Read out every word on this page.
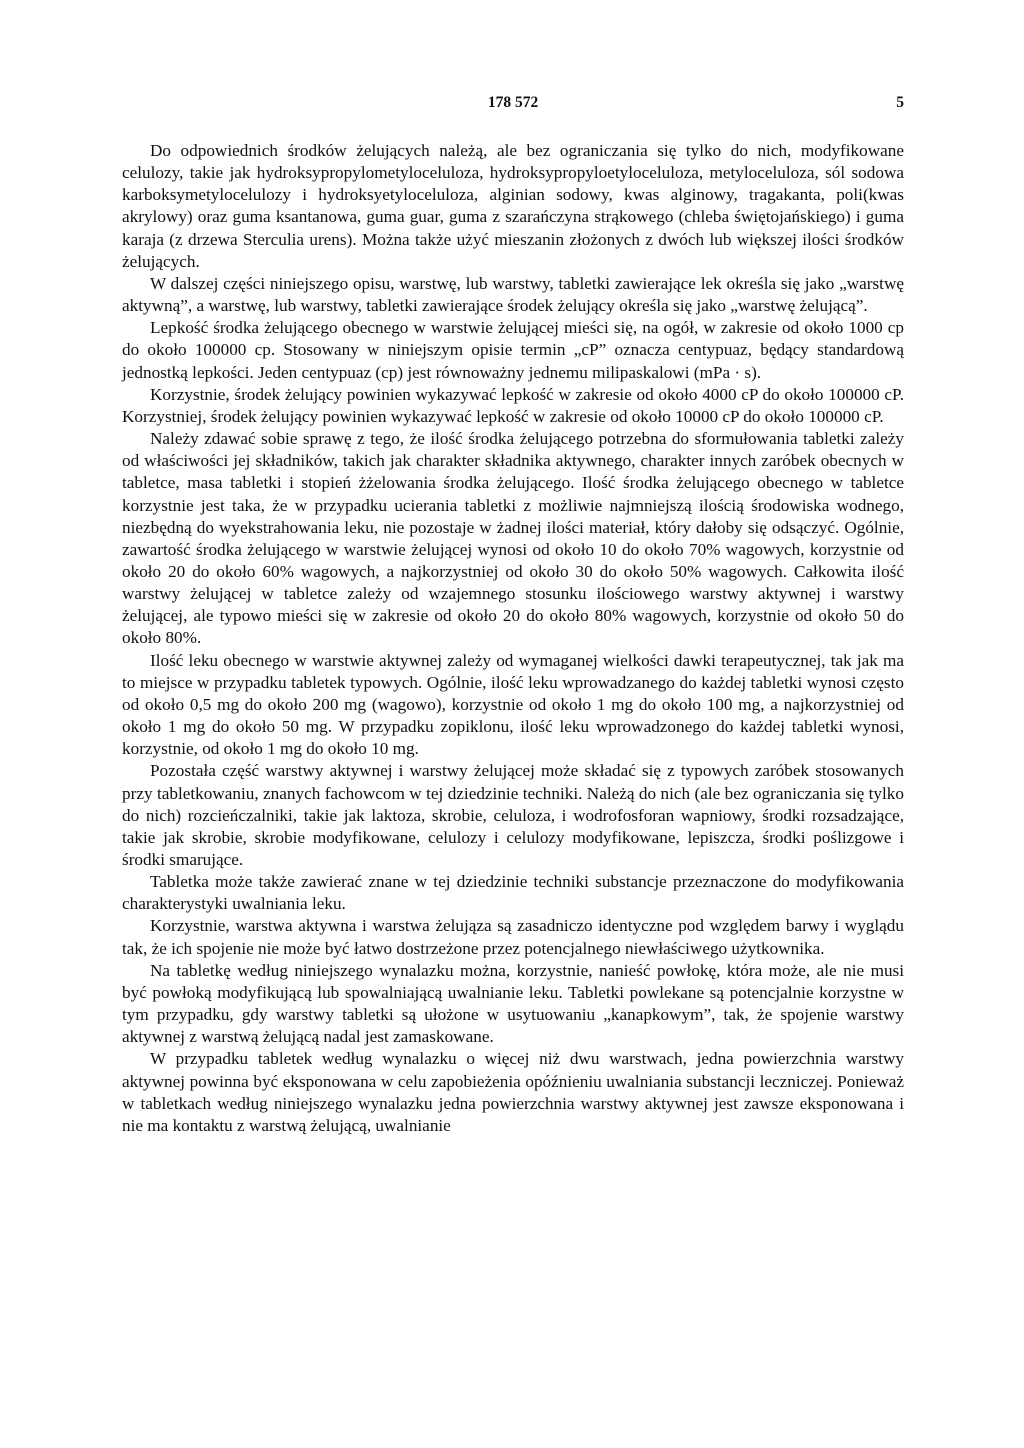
178 572	5

Do odpowiednich środków żelujących należą, ale bez ograniczania się tylko do nich, modyfikowane celulozy, takie jak hydroksypropylometyloceluloza, hydroksypropyloetyloceluloza, metyloceluloza, sól sodowa karboksymetylocelulozy i hydroksyetyloceluloza, alginian sodowy, kwas alginowy, tragakanta, poli(kwas akrylowy) oraz guma ksantanowa, guma guar, guma z szarańczyna strąkowego (chleba świętojańskiego) i guma karaja (z drzewa Sterculia urens). Można także użyć mieszanin złożonych z dwóch lub większej ilości środków żelujących.

W dalszej części niniejszego opisu, warstwę, lub warstwy, tabletki zawierające lek określa się jako „warstwę aktywną”, a warstwę, lub warstwy, tabletki zawierające środek żelujący określa się jako „warstwę żelującą”.

Lepkość środka żelującego obecnego w warstwie żelującej mieści się, na ogół, w zakresie od około 1000 cp do około 100000 cp. Stosowany w niniejszym opisie termin „cP” oznacza centypuaz, będący standardową jednostką lepkości. Jeden centypuaz (cp) jest równoważny jednemu milipaskalowi (mPa · s).

Korzystnie, środek żelujący powinien wykazywać lepkość w zakresie od około 4000 cP do około 100000 cP. Korzystniej, środek żelujący powinien wykazywać lepkość w zakresie od około 10000 cP do około 100000 cP.

Należy zdawać sobie sprawę z tego, że ilość środka żelującego potrzebna do sformułowania tabletki zależy od właściwości jej składników, takich jak charakter składnika aktywnego, charakter innych zaróbek obecnych w tabletce, masa tabletki i stopień żżelowania środka żelującego. Ilość środka żelującego obecnego w tabletce korzystnie jest taka, że w przypadku ucierania tabletki z możliwie najmniejszą ilością środowiska wodnego, niezbędną do wyekstrahowania leku, nie pozostaje w żadnej ilości materiał, który dałoby się odsączyć. Ogólnie, zawartość środka żelującego w warstwie żelującej wynosi od około 10 do około 70% wagowych, korzystnie od około 20 do około 60% wagowych, a najkorzystniej od około 30 do około 50% wagowych. Całkowita ilość warstwy żelującej w tabletce zależy od wzajemnego stosunku ilościowego warstwy aktywnej i warstwy żelującej, ale typowo mieści się w zakresie od około 20 do około 80% wagowych, korzystnie od około 50 do około 80%.

Ilość leku obecnego w warstwie aktywnej zależy od wymaganej wielkości dawki terapeutycznej, tak jak ma to miejsce w przypadku tabletek typowych. Ogólnie, ilość leku wprowadzanego do każdej tabletki wynosi często od około 0,5 mg do około 200 mg (wagowo), korzystnie od około 1 mg do około 100 mg, a najkorzystniej od około 1 mg do około 50 mg. W przypadku zopiklonu, ilość leku wprowadzonego do każdej tabletki wynosi, korzystnie, od około 1 mg do około 10 mg.

Pozostała część warstwy aktywnej i warstwy żelującej może składać się z typowych zaróbek stosowanych przy tabletkowaniu, znanych fachowcom w tej dziedzinie techniki. Należą do nich (ale bez ograniczania się tylko do nich) rozcieńczalniki, takie jak laktoza, skrobie, celuloza, i wodrofosforan wapniowy, środki rozsadzające, takie jak skrobie, skrobie modyfikowane, celulozy i celulozy modyfikowane, lepiszcza, środki poślizgowe i środki smarujące.

Tabletka może także zawierać znane w tej dziedzinie techniki substancje przeznaczone do modyfikowania charakterystyki uwalniania leku.

Korzystnie, warstwa aktywna i warstwa żelująza są zasadniczo identyczne pod względem barwy i wyglądu tak, że ich spojenie nie może być łatwo dostrzeżone przez potencjalnego niewłaściwego użytkownika.

Na tabletkę według niniejszego wynalazku można, korzystnie, nanieść powłokę, która może, ale nie musi być powłoką modyfikującą lub spowalniającą uwalnianie leku. Tabletki powlekane są potencjalnie korzystne w tym przypadku, gdy warstwy tabletki są ułożone w usytuowaniu „kanapkowym”, tak, że spojenie warstwy aktywnej z warstwą żelującą nadal jest zamaskowane.

W przypadku tabletek według wynalazku o więcej niż dwu warstwach, jedna powierzchnia warstwy aktywnej powinna być eksponowana w celu zapobieżenia opóźnieniu uwalniania substancji leczniczej. Ponieważ w tabletkach według niniejszego wynalazku jedna powierzchnia warstwy aktywnej jest zawsze eksponowana i nie ma kontaktu z warstwą żelującą, uwalnianie
